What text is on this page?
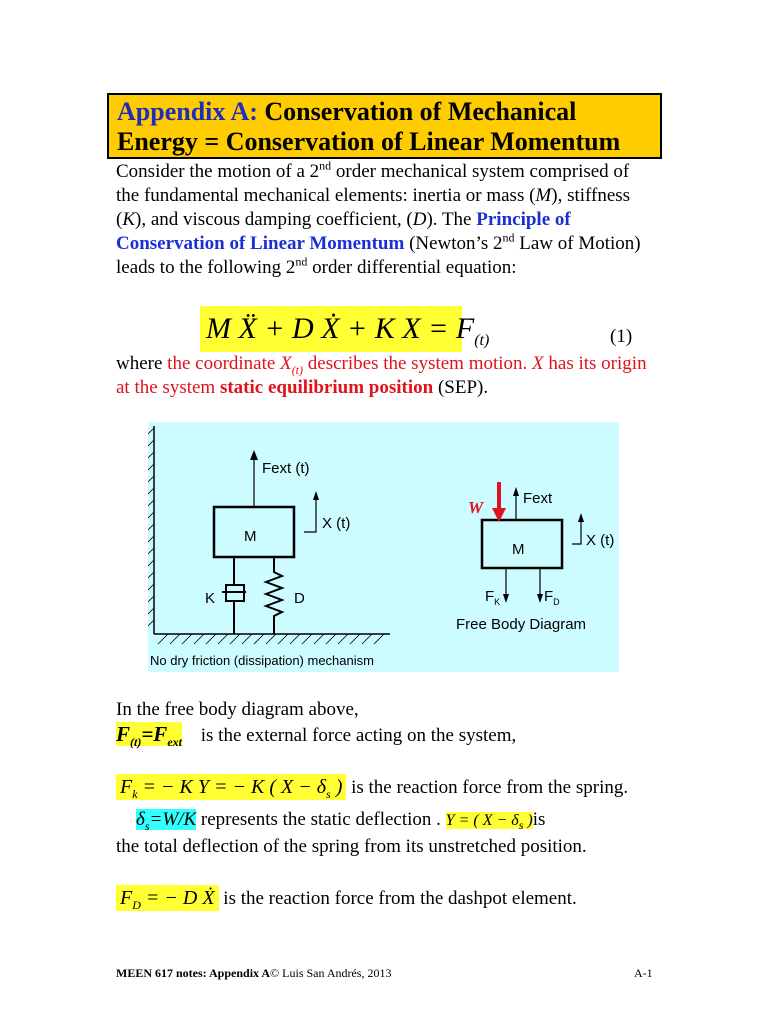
Appendix A: Conservation of Mechanical
Energy = Conservation of Linear Momentum
Consider the motion of a 2nd order mechanical system comprised of the fundamental mechanical elements: inertia or mass (M), stiffness (K), and viscous damping coefficient, (D). The Principle of Conservation of Linear Momentum (Newton’s 2nd Law of Motion) leads to the following 2nd order differential equation:
M Ẍ + D Ẋ + K $X = F_{(t)}$	(1)
where the coordinate $X_{(t)}$ describes the system motion. X has its origin at the system static equilibrium position (SEP).
Fext (t)
M
X (t)
K	D
W	Fext
M
X (t)
$F_K$	$F_D$
Free Body Diagram
No dry friction (dissipation) mechanism
In the free body diagram above,
$F_{(t)}=F_{ext}$ is the external force acting on the system,
$F_k$ = − K Y = − K ( $X - \delta_s$ ) is the reaction force from the spring.
$\delta_s=W/K$ represents the static deflection . Y = ( $X - \delta_s$ )is
the total deflection of the spring from its unstretched position.
$F_D$ = − D Ẋ is the reaction force from the dashpot element.
MEEN 617 notes: Appendix A© Luis San Andrés, 2013	A-1
